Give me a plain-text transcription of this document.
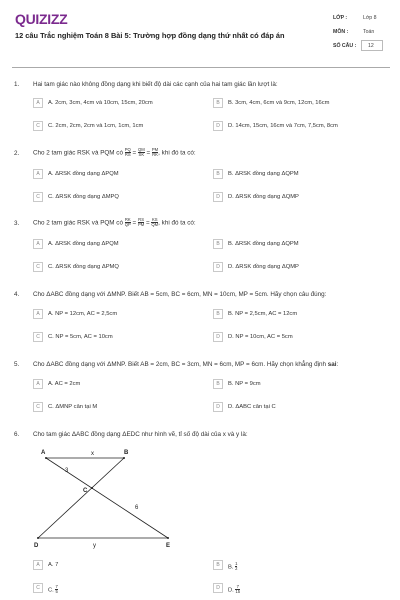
QUIZIZZ
12 câu Trắc nghiệm Toán 8 Bài 5: Trường hợp đồng dạng thứ nhất có đáp án
LỚP :	Lớp 8
MÔN :	Toán
SỐ CÂU :	12
1. Hai tam giác nào không đồng dạng khi biết độ dài các cạnh của hai tam giác lần lượt là:
A	A. 2cm, 3cm, 4cm và 10cm, 15cm, 20cm	B	B. 3cm, 4cm, 6cm và 9cm, 12cm, 16cm
C	C. 2cm, 2cm, 2cm và 1cm, 1cm, 1cm	D	D. 14cm, 15cm, 16cm và 7cm, 7,5cm, 8cm
2. Cho 2 tam giác RSK và PQM có $\frac{PQ}{RS} = \frac{QM}{SK} = \frac{PM}{RK}$ , khi đó ta có:
A	A. ΔRSK đồng dạng ΔPQM	B	B. ΔRSK đồng dạng ΔQPM
C	C. ΔRSK đồng dạng ΔMPQ	D	D. ΔRSK đồng dạng ΔQMP
3. Cho 2 tam giác RSK và PQM có $\frac{RK}{QP} = \frac{RS}{PM} = \frac{KS}{QM}$ , khi đó ta có:
A	A. ΔRSK đồng dạng ΔPQM	B	B. ΔRSK đồng dạng ΔQPM
C	C. ΔRSK đồng dạng ΔPMQ	D	D. ΔRSK đồng dạng ΔQMP
4. Cho ΔABC đồng dạng với ΔMNP. Biết AB = 5cm, BC = 6cm, MN = 10cm, MP = 5cm. Hãy chọn câu đúng:
A	A. NP = 12cm, AC = 2,5cm	B	B. NP = 2,5cm, AC = 12cm
C	C. NP = 5cm, AC = 10cm	D	D. NP = 10cm, AC = 5cm
5. Cho ΔABC đồng dạng với ΔMNP. Biết AB = 2cm, BC = 3cm, MN = 6cm, MP = 6cm. Hãy chọn khẳng định sai:
A	A. AC = 2cm	B	B. NP = 9cm
C	C. ΔMNP cân tại M	D	D. ΔABC cân tại C
6. Cho tam giác ΔABC đồng dạng ΔEDC như hình vẽ, tỉ số độ dài của x và y là:
A	B
C
D	E
x
3
6
y
A	A. 7	B	B. $\frac{1}{2}$
C	C. $\frac{7}{5}$	D	D. $\frac{7}{15}$
